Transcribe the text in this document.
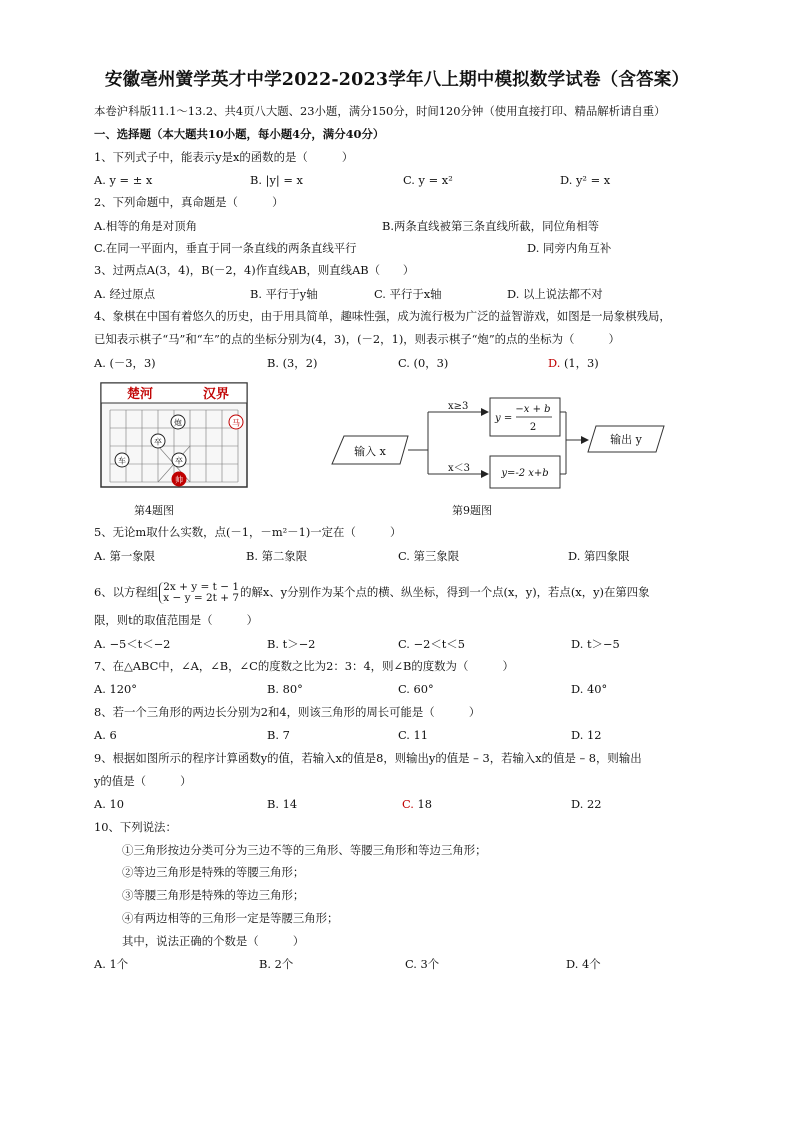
安徽亳州黉学英才中学2022-2023学年八上期中模拟数学试卷（含答案）
本卷沪科版11.1～13.2、共4页八大题、23小题，满分150分，时间120分钟（使用直接打印、精品解析请自重）
一、选择题（本大题共10小题，每小题4分，满分40分）
1、下列式子中，能表示y是x的函数的是（　　　）
A. y = ± x	B. |y| = x	C. y = x²	D. y² = x
2、下列命题中，真命题是（　　　）
A.相等的角是对顶角	B.两条直线被第三条直线所截，同位角相等
C.在同一平面内，垂直于同一条直线的两条直线平行	D. 同旁内角互补
3、过两点A(3，4)，B(－2，4)作直线AB，则直线AB（　　）
A. 经过原点	B. 平行于y轴	C. 平行于x轴	D. 以上说法都不对
4、象棋在中国有着悠久的历史，由于用具简单，趣味性强，成为流行极为广泛的益智游戏，如图是一局象棋残局，
已知表示棋子“马”和“车”的点的坐标分别为(4，3)，(－2，1)，则表示棋子“炮”的点的坐标为（　　　）
A. (－3，3)	B. (3，2)	C. (0，3)	D. (1，3)
楚河	汉界
炮	马
卒
车	卒
帅
第4题图
输入 x
x≥3
x＜3
y =
−x + b
2
y=-2 x+b
输出 y
第9题图
5、无论m取什么实数，点(－1，－m²－1)一定在（　　　）
A. 第一象限	B. 第二象限	C. 第三象限	D. 第四象限
6、以方程组 2x + y = t − 1
x − y = 2t + 7 的解x、y分别作为某个点的横、纵坐标，得到一个点(x，y)，若点(x，y)在第四象
限，则t的取值范围是（　　　）
A. −5＜t＜−2	B. t＞−2	C. −2＜t＜5	D. t＞−5
7、在△ABC中，∠A，∠B，∠C的度数之比为2：3：4，则∠B的度数为（　　　）
A. 120°	B. 80°	C. 60°	D. 40°
8、若一个三角形的两边长分别为2和4，则该三角形的周长可能是（　　　）
A. 6	B. 7	C. 11	D. 12
9、根据如图所示的程序计算函数y的值，若输入x的值是8，则输出y的值是 – 3，若输入x的值是 – 8，则输出
y的值是（　　　）
A. 10	B. 14	C. 18	D. 22
10、下列说法：
①三角形按边分类可分为三边不等的三角形、等腰三角形和等边三角形；
②等边三角形是特殊的等腰三角形；
③等腰三角形是特殊的等边三角形；
④有两边相等的三角形一定是等腰三角形；
其中，说法正确的个数是（　　　）
A. 1个	B. 2个	C. 3个	D. 4个
